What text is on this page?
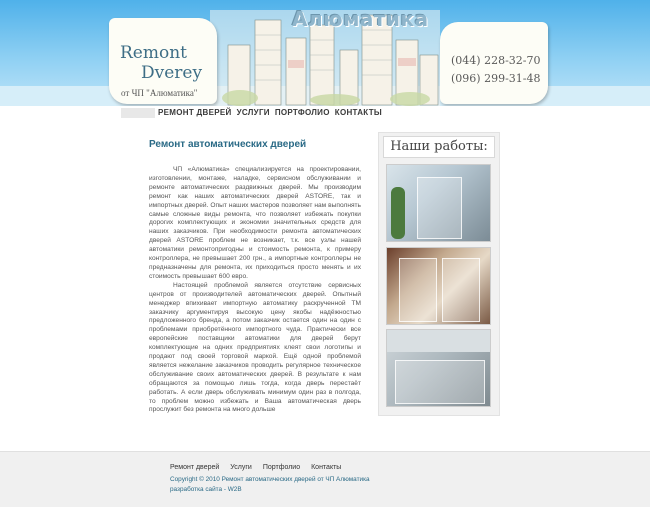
Алюматика
Remont
Dverey
от ЧП "Алюматика"
(044) 228-32-70
(096) 299-31-48
РЕМОНТ ДВЕРЕЙ УСЛУГИ ПОРТФОЛИО КОНТАКТЫ
Ремонт автоматических дверей

ЧП «Алюматика» специализируется на проектировании, изготовлении, монтаже, наладке, сервисном обслуживании и ремонте автоматических раздвижных дверей. Мы производим ремонт как наших автоматических дверей ASTORE, так и импортных дверей. Опыт наших мастеров позволяет нам выполнять самые сложные виды ремонта, что позволяет избежать покупки дорогих комплектующих и экономии значительных средств для наших заказчиков. При необходимости ремонта автоматических дверей ASTORE проблем не возникает, т.к. все узлы нашей автоматики ремонтопригодны и стоимость ремонта, к примеру контроллера, не превышает 200 грн., а импортные контроллеры не предназначены для ремонта, их приходиться просто менять и их стоимость превышает 600 евро.

Настоящей проблемой является отсутствие сервисных центров от производителей автоматических дверей. Опытный менеджер впихивает импортную автоматику раскрученной ТМ заказчику аргументируя высокую цену якобы надёжностью предложенного бренда, а потом заказчик остается один на один с проблемами приобретённого импортного чуда. Практически все европейские поставщики автоматики для дверей берут комплектующие на одних предприятиях клеят свои логотипы и продают под своей торговой маркой. Ещё одной проблемой является нежелание заказчиков проводить регулярное техническое обслуживание своих автоматических дверей. В результате к нам обращаются за помощью лишь тогда, когда дверь перестаёт работать. А если дверь обслуживать минимум один раз в полгода, то проблем можно избежать и Ваша автоматическая дверь прослужит без ремонта на много дольше

Наши работы:
Ремонт дверей Услуги Портфолио Контакты
Copyright © 2010 Ремонт автоматических дверей от ЧП Алюматика
разработка сайта - W2B
